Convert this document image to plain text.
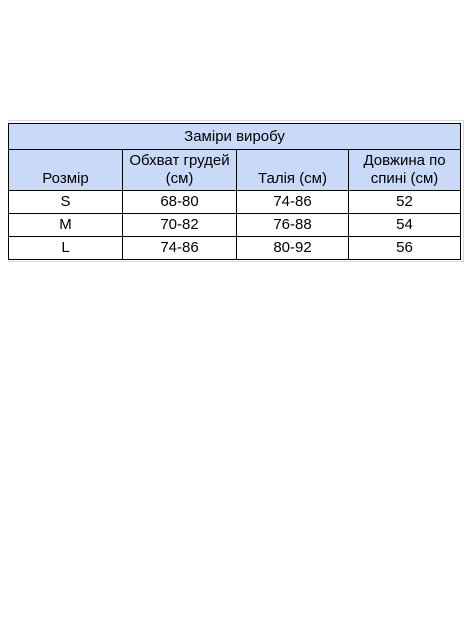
Заміри виробу			
Розмір	Обхват грудей (см)	Талія (см)	Довжина по спині (см)
S	68-80	74-86	52
M	70-82	76-88	54
L	74-86	80-92	56
